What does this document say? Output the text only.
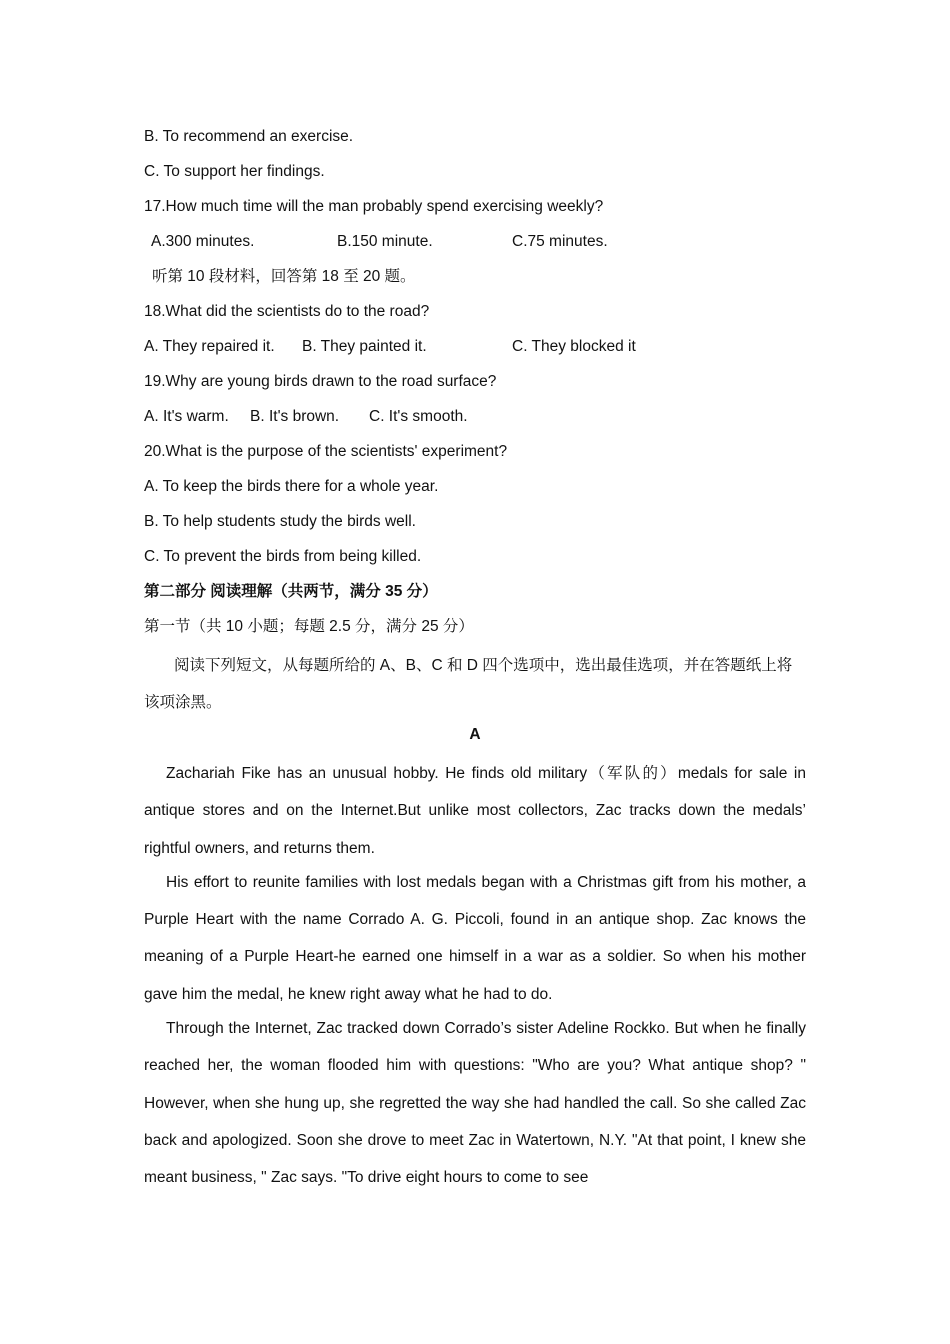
B. To recommend an exercise.
C. To support her findings.
17.How much time will the man probably spend exercising weekly?
A.300 minutes.	B.150 minute.	C.75 minutes.
听第 10 段材料，回答第 18 至 20 题。
18.What did the scientists do to the road?
A. They repaired it. B. They painted it.	C. They blocked it
19.Why are young birds drawn to the road surface?
A. It's warm. B. It's brown. C. It's smooth.
20.What is the purpose of the scientists' experiment?
A. To keep the birds there for a whole year.
B. To help students study the birds well.
C. To prevent the birds from being killed.
第二部分 阅读理解（共两节，满分 35 分）
第一节（共 10 小题；每题 2.5 分，满分 25 分）

阅读下列短文，从每题所给的 A、B、C 和 D 四个选项中，选出最佳选项，并在答题纸上将该项涂黑。

A

Zachariah Fike has an unusual hobby. He finds old military（军队的）medals for sale in antique stores and on the Internet.But unlike most collectors, Zac tracks down the medals’ rightful owners, and returns them.

His effort to reunite families with lost medals began with a Christmas gift from his mother, a Purple Heart with the name Corrado A. G. Piccoli, found in an antique shop. Zac knows the meaning of a Purple Heart-he earned one himself in a war as a soldier. So when his mother gave him the medal, he knew right away what he had to do.

Through the Internet, Zac tracked down Corrado’s sister Adeline Rockko. But when he finally reached her, the woman flooded him with questions: "Who are you? What antique shop? " However, when she hung up, she regretted the way she had handled the call. So she called Zac back and apologized. Soon she drove to meet Zac in Watertown, N.Y. "At that point, I knew she meant business, " Zac says. "To drive eight hours to come to see
